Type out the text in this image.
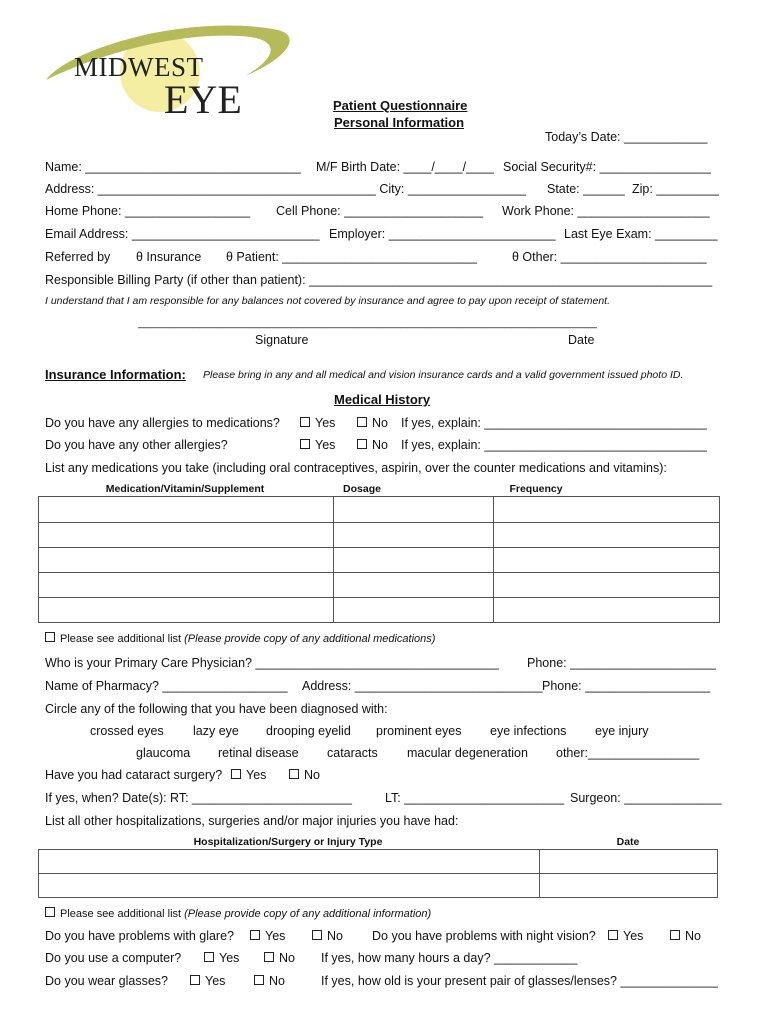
MIDWEST
EYE	Patient Questionnaire
Personal Information
Today’s Date: ____________
Name: _______________________________ M/F Birth Date: ____/____/____ Social Security#: ________________
Address: ________________________________________ City: _________________ State: ______ Zip: _________
Home Phone: __________________ Cell Phone: ____________________ Work Phone: ___________________
Email Address: ___________________________ Employer: ________________________ Last Eye Exam: _________
Referred by θ Insurance θ Patient: ____________________________	θ Other: _____________________
Responsible Billing Party (if other than patient): __________________________________________________________
I understand that I am responsible for any balances not covered by insurance and agree to pay upon receipt of statement.
___________________________________________________________________________
Signature	Date
Insurance Information: Please bring in any and all medical and vision insurance cards and a valid government issued photo ID.
Medical History
Do you have any allergies to medications?	Yes	No If yes, explain: ________________________________
Do you have any other allergies?	Yes	No If yes, explain: ________________________________
List any medications you take (including oral contraceptives, aspirin, over the counter medications and vitamins):
Medication/Vitamin/Supplement	Dosage	Frequency

Please see additional list (Please provide copy of any additional medications)
Who is your Primary Care Physician? ___________________________________ Phone: _____________________
Name of Pharmacy? __________________ Address: ___________________________ Phone: __________________
Circle any of the following that you have been diagnosed with:
crossed eyes lazy eye drooping eyelid prominent eyes eye infections eye injury
glaucoma retinal disease cataracts macular degeneration other:________________
Have you had cataract surgery?	Yes	No
If yes, when? Date(s): RT: _______________________	LT: _______________________ Surgeon: ______________
List all other hospitalizations, surgeries and/or major injuries you have had:
Hospitalization/Surgery or Injury Type	Date

Please see additional list (Please provide copy of any additional information)
Do you have problems with glare?	Yes	No Do you have problems with night vision?	Yes	No
Do you use a computer?	Yes	No If yes, how many hours a day? ____________
Do you wear glasses?	Yes	No	If yes, how old is your present pair of glasses/lenses? ______________
